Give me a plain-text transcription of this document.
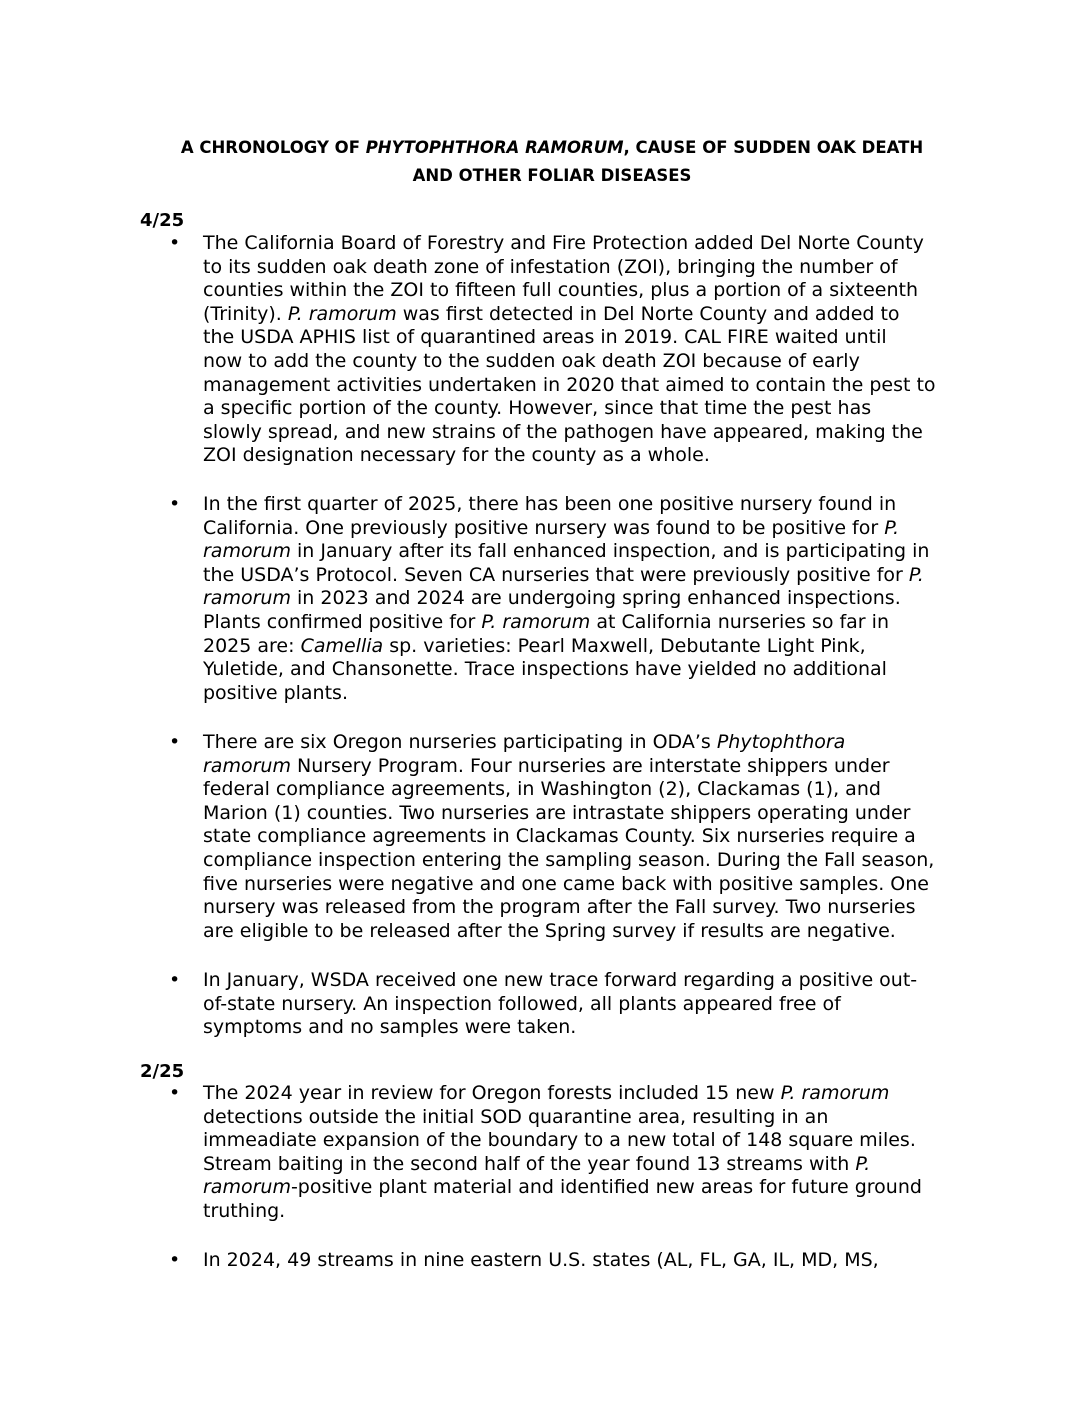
A CHRONOLOGY OF PHYTOPHTHORA RAMORUM, CAUSE OF SUDDEN OAK DEATH
AND OTHER FOLIAR DISEASES
4/25
• The California Board of Forestry and Fire Protection added Del Norte County
to its sudden oak death zone of infestation (ZOI), bringing the number of
counties within the ZOI to fifteen full counties, plus a portion of a sixteenth
(Trinity). P. ramorum was first detected in Del Norte County and added to
the USDA APHIS list of quarantined areas in 2019. CAL FIRE waited until
now to add the county to the sudden oak death ZOI because of early
management activities undertaken in 2020 that aimed to contain the pest to
a specific portion of the county. However, since that time the pest has
slowly spread, and new strains of the pathogen have appeared, making the
ZOI designation necessary for the county as a whole.
• In the first quarter of 2025, there has been one positive nursery found in
California. One previously positive nursery was found to be positive for P.
ramorum in January after its fall enhanced inspection, and is participating in
the USDA’s Protocol. Seven CA nurseries that were previously positive for P.
ramorum in 2023 and 2024 are undergoing spring enhanced inspections.
Plants confirmed positive for P. ramorum at California nurseries so far in
2025 are: Camellia sp. varieties: Pearl Maxwell, Debutante Light Pink,
Yuletide, and Chansonette. Trace inspections have yielded no additional
positive plants.
• There are six Oregon nurseries participating in ODA’s Phytophthora
ramorum Nursery Program. Four nurseries are interstate shippers under
federal compliance agreements, in Washington (2), Clackamas (1), and
Marion (1) counties. Two nurseries are intrastate shippers operating under
state compliance agreements in Clackamas County. Six nurseries require a
compliance inspection entering the sampling season. During the Fall season,
five nurseries were negative and one came back with positive samples. One
nursery was released from the program after the Fall survey. Two nurseries
are eligible to be released after the Spring survey if results are negative.
• In January, WSDA received one new trace forward regarding a positive out-
of-state nursery. An inspection followed, all plants appeared free of
symptoms and no samples were taken.
2/25
• The 2024 year in review for Oregon forests included 15 new P. ramorum
detections outside the initial SOD quarantine area, resulting in an
immeadiate expansion of the boundary to a new total of 148 square miles.
Stream baiting in the second half of the year found 13 streams with P.
ramorum-positive plant material and identified new areas for future ground
truthing.
• In 2024, 49 streams in nine eastern U.S. states (AL, FL, GA, IL, MD, MS,
